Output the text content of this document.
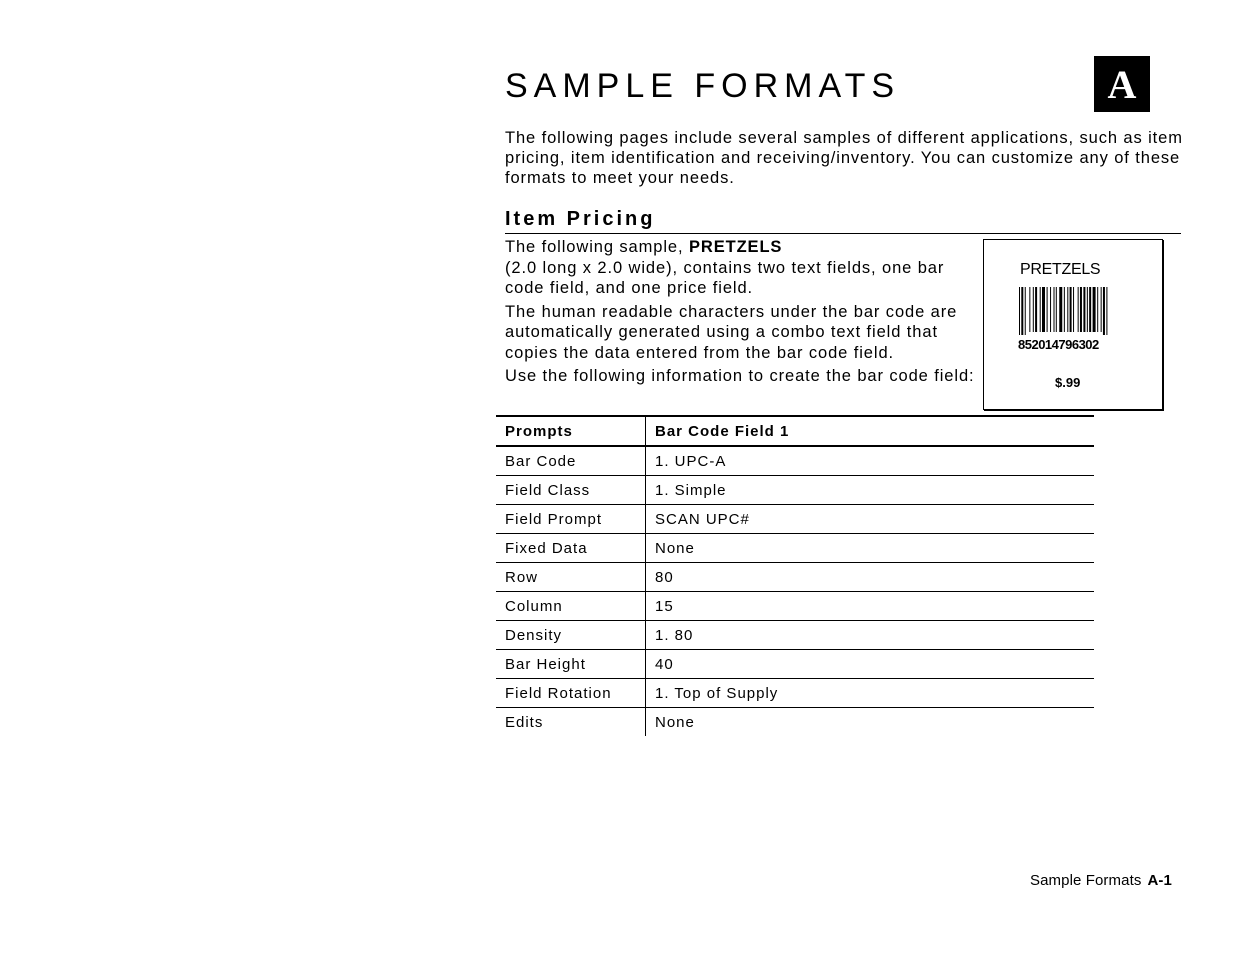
SAMPLE FORMATS	A

The following pages include several samples of different applications, such as item pricing, item identification and receiving/inventory. You can customize any of these formats to meet your needs.

Item Pricing

The following sample, PRETZELS
(2.0 long x 2.0 wide), contains two text fields, one bar code field, and one price field.

The human readable characters under the bar code are automatically generated using a combo text field that copies the data entered from the bar code field.

Use the following information to create the bar code field:

PRETZELS
852014796302
$.99
Prompts	Bar Code Field 1
Bar Code	1. UPC-A
Field Class	1. Simple
Field Prompt	SCAN UPC#
Fixed Data	None
Row	80
Column	15
Density	1. 80
Bar Height	40
Field Rotation	1. Top of Supply
Edits	None
Sample Formats A-1
